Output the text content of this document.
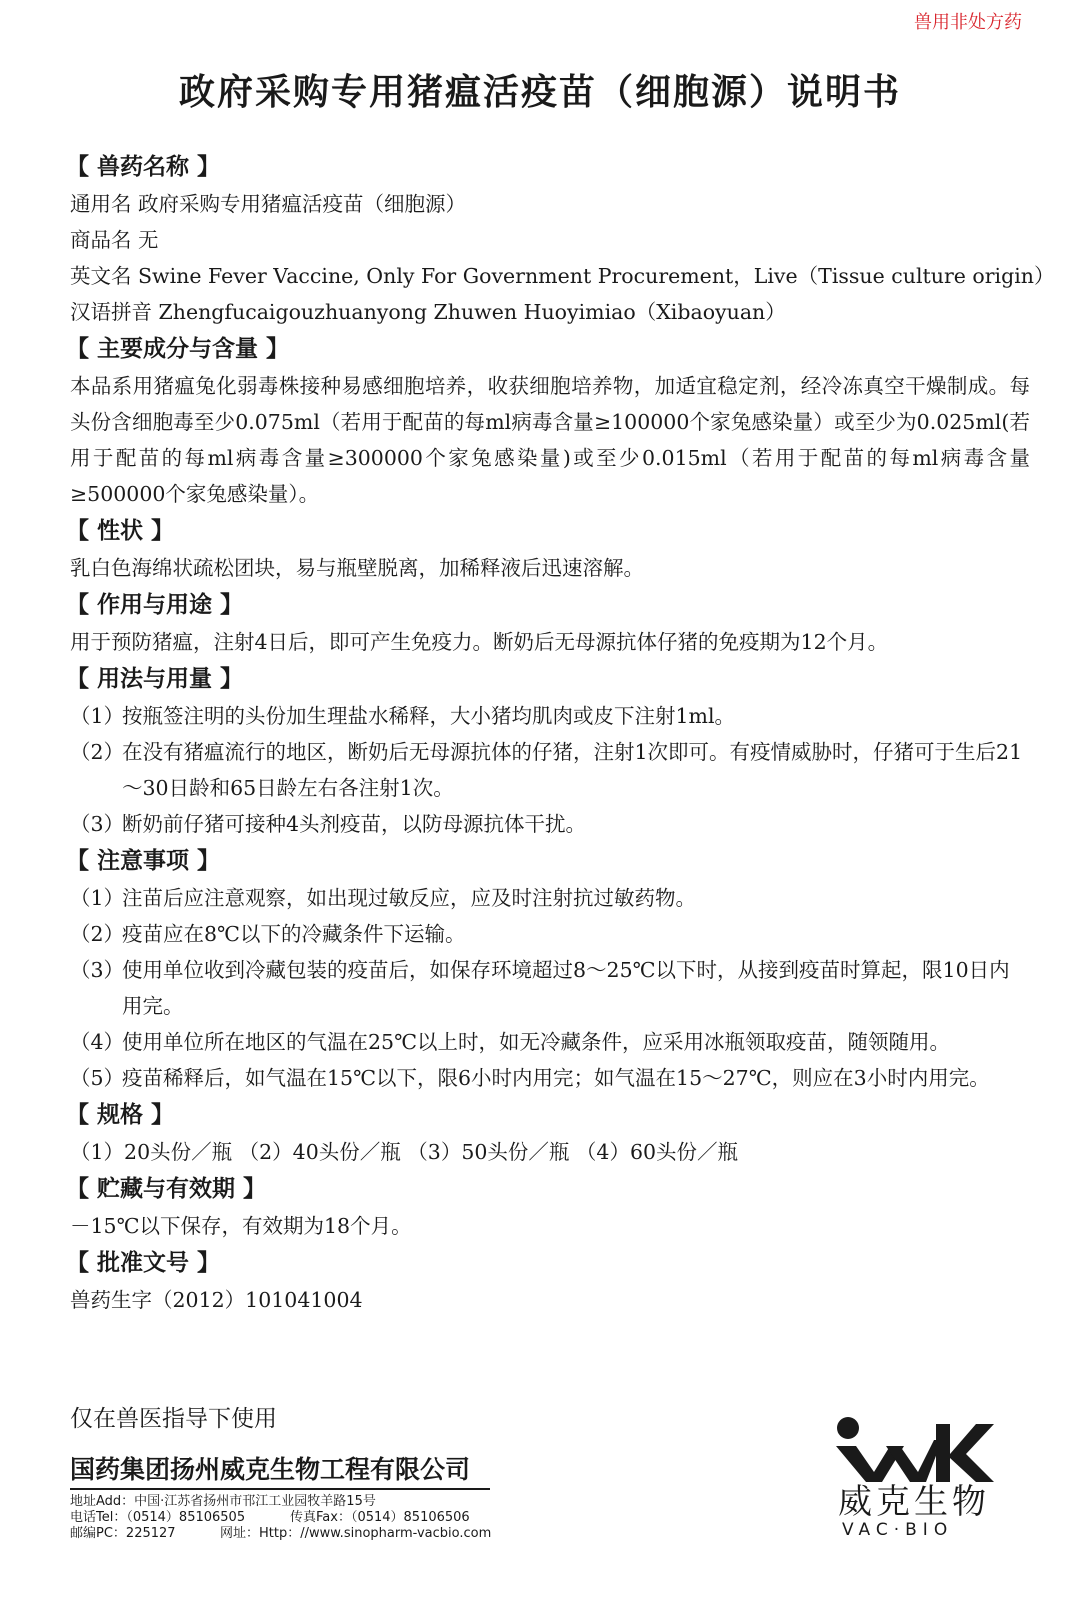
兽用非处方药
政府采购专用猪瘟活疫苗（细胞源）说明书
【 兽药名称 】
通用名 政府采购专用猪瘟活疫苗（细胞源）
商品名 无
英文名 Swine Fever Vaccine, Only For Government Procurement，Live（Tissue culture origin）
汉语拼音 Zhengfucaigouzhuanyong Zhuwen Huoyimiao（Xibaoyuan）
【 主要成分与含量 】
本品系用猪瘟兔化弱毒株接种易感细胞培养，收获细胞培养物，加适宜稳定剂，经冷冻真空干燥制成。每头份含细胞毒至少0.075ml（若用于配苗的每ml病毒含量≥100000个家兔感染量）或至少为0.025ml(若用于配苗的每ml病毒含量≥300000个家兔感染量)或至少0.015ml（若用于配苗的每ml病毒含量≥500000个家兔感染量）。
【 性状 】
乳白色海绵状疏松团块，易与瓶壁脱离，加稀释液后迅速溶解。
【 作用与用途 】
用于预防猪瘟，注射4日后，即可产生免疫力。断奶后无母源抗体仔猪的免疫期为12个月。
【 用法与用量 】
（1）
按瓶签注明的头份加生理盐水稀释，大小猪均肌肉或皮下注射1ml。
（2）
在没有猪瘟流行的地区，断奶后无母源抗体的仔猪，注射1次即可。有疫情威胁时，仔猪可于生后21～30日龄和65日龄左右各注射1次。
（3）
断奶前仔猪可接种4头剂疫苗，以防母源抗体干扰。
【 注意事项 】
（1）
注苗后应注意观察，如出现过敏反应，应及时注射抗过敏药物。
（2）
疫苗应在8℃以下的冷藏条件下运输。
（3）
使用单位收到冷藏包装的疫苗后，如保存环境超过8～25℃以下时，从接到疫苗时算起，限10日内用完。
（4）
使用单位所在地区的气温在25℃以上时，如无冷藏条件，应采用冰瓶领取疫苗，随领随用。
（5）
疫苗稀释后，如气温在15℃以下，限6小时内用完；如气温在15～27℃，则应在3小时内用完。
【 规格 】
（1）20头份／瓶 （2）40头份／瓶 （3）50头份／瓶 （4）60头份／瓶
【 贮藏与有效期 】
－15℃以下保存，有效期为18个月。
【 批准文号 】
兽药生字（2012）101041004
仅在兽医指导下使用
国药集团扬州威克生物工程有限公司
地址Add：中国·江苏省扬州市邗江工业园牧羊路15号
电话Tel：（0514）85106505	传真Fax：（0514）85106506
邮编PC：225127	网址：Http：//www.sinopharm-vacbio.com
威克生物
VAC·BIO
